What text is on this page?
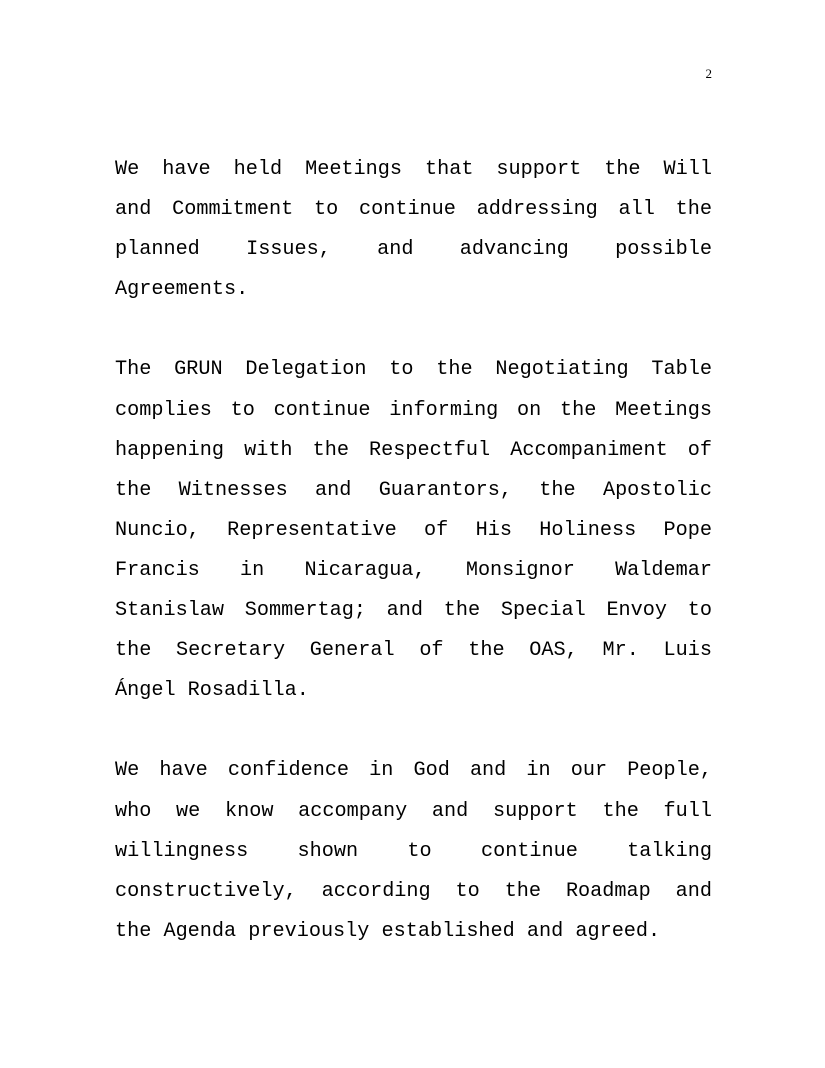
2

We have held Meetings that support the Will
and Commitment to continue addressing all the
planned Issues, and advancing possible
Agreements.

The GRUN Delegation to the Negotiating Table
complies to continue informing on the Meetings
happening with the Respectful Accompaniment of
the Witnesses and Guarantors, the Apostolic
Nuncio, Representative of His Holiness Pope
Francis in Nicaragua, Monsignor Waldemar
Stanislaw Sommertag; and the Special Envoy to
the Secretary General of the OAS, Mr. Luis
Ángel Rosadilla.

We have confidence in God and in our People,
who we know accompany and support the full
willingness shown to continue talking
constructively, according to the Roadmap and
the Agenda previously established and agreed.
